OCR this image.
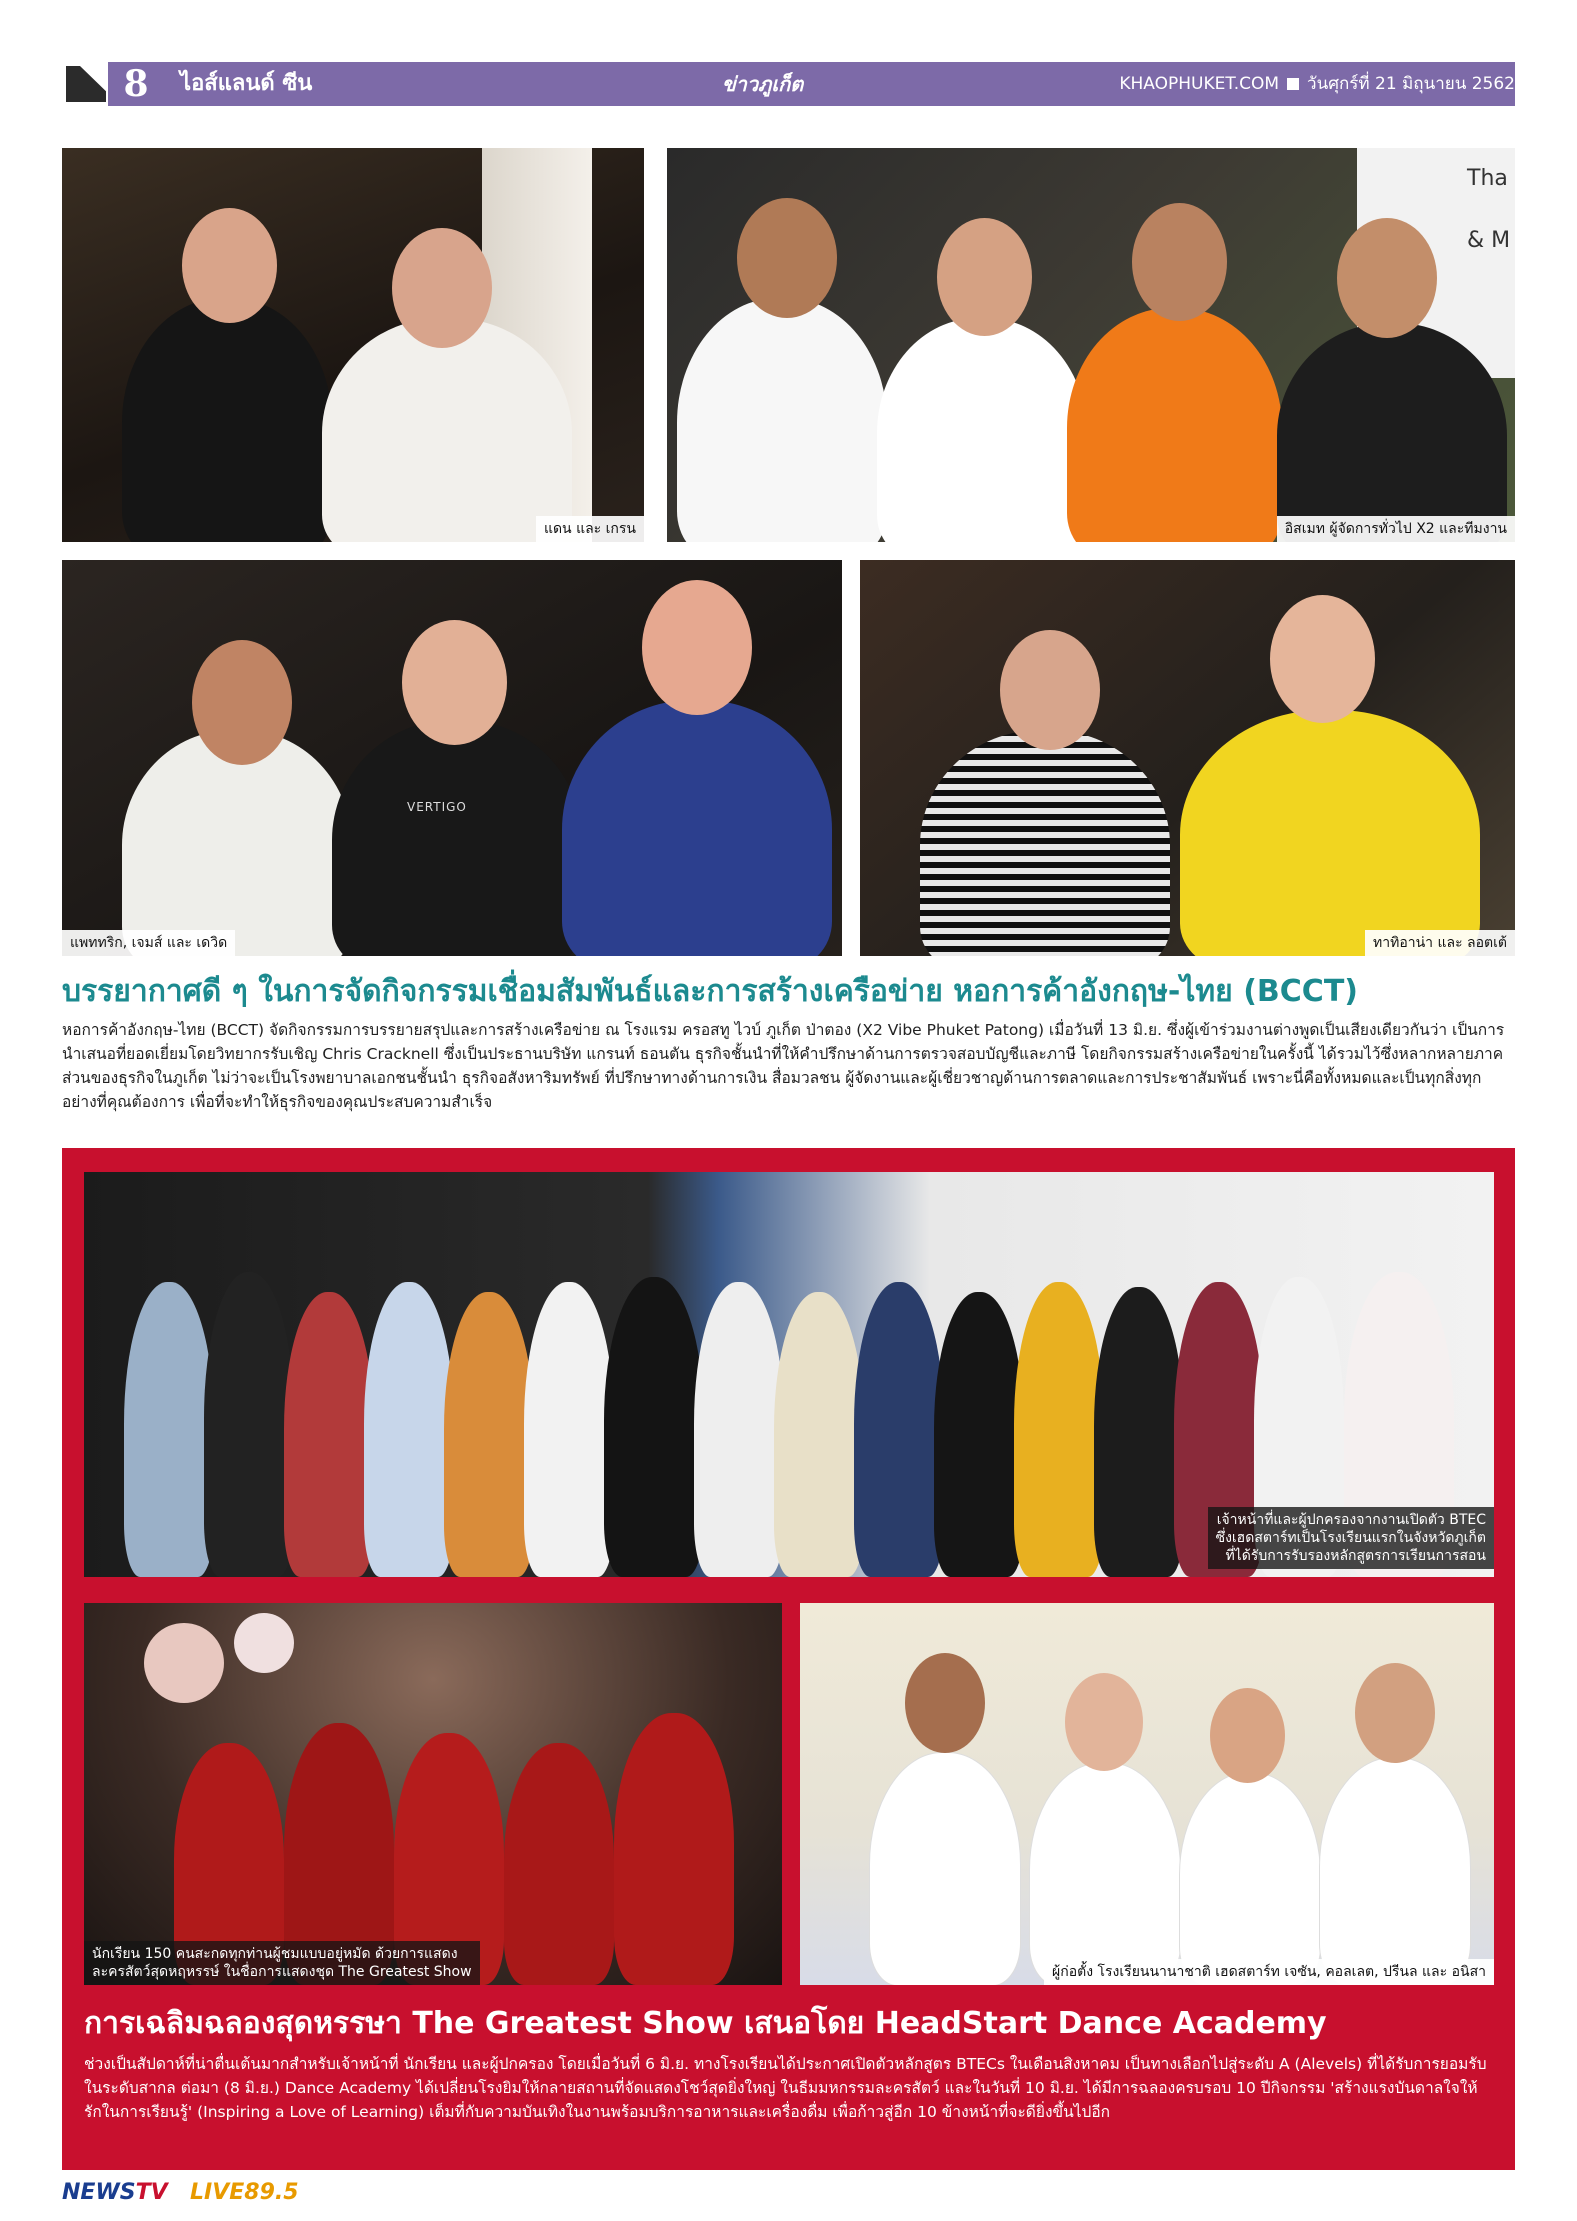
8	ไอส์แลนด์ ซีน	ข่าวภูเก็ต	KHAOPHUKET.COM วันศุกร์ที่ 21 มิถุนายน 2562
แดน และ เกรน
Tha
& M
อิสเมท ผู้จัดการทั่วไป X2 และทีมงาน
VERTIGO
แพททริก, เจมส์ และ เดวิด	ทาทิอาน่า และ ลอตเต้
บรรยากาศดี ๆ ในการจัดกิจกรรมเชื่อมสัมพันธ์และการสร้างเครือข่าย หอการค้าอังกฤษ-ไทย (BCCT)
หอการค้าอังกฤษ-ไทย (BCCT) จัดกิจกรรมการบรรยายสรุปและการสร้างเครือข่าย ณ โรงแรม ครอสทู ไวบ์ ภูเก็ต ป่าตอง (X2 Vibe Phuket Patong) เมื่อวันที่ 13 มิ.ย. ซึ่งผู้เข้าร่วมงานต่างพูดเป็นเสียงเดียวกันว่า เป็นการนำเสนอที่ยอดเยี่ยมโดยวิทยากรรับเชิญ Chris Cracknell ซึ่งเป็นประธานบริษัท แกรนท์ ธอนตัน ธุรกิจชั้นนำที่ให้คำปรึกษาด้านการตรวจสอบบัญชีและภาษี โดยกิจกรรมสร้างเครือข่ายในครั้งนี้ ได้รวมไว้ซึ่งหลากหลายภาคส่วนของธุรกิจในภูเก็ต ไม่ว่าจะเป็นโรงพยาบาลเอกชนชั้นนำ ธุรกิจอสังหาริมทรัพย์ ที่ปรึกษาทางด้านการเงิน สื่อมวลชน ผู้จัดงานและผู้เชี่ยวชาญด้านการตลาดและการประชาสัมพันธ์ เพราะนี่คือทั้งหมดและเป็นทุกสิ่งทุกอย่างที่คุณต้องการ เพื่อที่จะทำให้ธุรกิจของคุณประสบความสำเร็จ
เจ้าหน้าที่และผู้ปกครองจากงานเปิดตัว BTEC
ซึ่งเฮดสตาร์ทเป็นโรงเรียนแรกในจังหวัดภูเก็ต
ที่ได้รับการรับรองหลักสูตรการเรียนการสอน
นักเรียน 150 คนสะกดทุกท่านผู้ชมแบบอยู่หมัด ด้วยการแสดง
ละครสัตว์สุดหฤหรรษ์ ในชื่อการแสดงชุด The Greatest Show	ผู้ก่อตั้ง โรงเรียนนานาชาติ เฮดสตาร์ท เจซัน, คอลเลต, ปรีนล และ อนิสา
การเฉลิมฉลองสุดหรรษา The Greatest Show เสนอโดย HeadStart Dance Academy
ช่วงเป็นสัปดาห์ที่น่าตื่นเต้นมากสำหรับเจ้าหน้าที่ นักเรียน และผู้ปกครอง โดยเมื่อวันที่ 6 มิ.ย. ทางโรงเรียนได้ประกาศเปิดตัวหลักสูตร BTECs ในเดือนสิงหาคม เป็นทางเลือกไปสู่ระดับ A (Alevels) ที่ได้รับการยอมรับในระดับสากล ต่อมา (8 มิ.ย.) Dance Academy ได้เปลี่ยนโรงยิมให้กลายสถานที่จัดแสดงโชว์สุดยิ่งใหญ่ ในธีมมหกรรมละครสัตว์ และในวันที่ 10 มิ.ย. ได้มีการฉลองครบรอบ 10 ปีกิจกรรม 'สร้างแรงบันดาลใจให้รักในการเรียนรู้' (Inspiring a Love of Learning) เต็มที่กับความบันเทิงในงานพร้อมบริการอาหารและเครื่องดื่ม เพื่อก้าวสู่อีก 10 ข้างหน้าที่จะดียิ่งขึ้นไปอีก
NEWSTV LIVE89.5
